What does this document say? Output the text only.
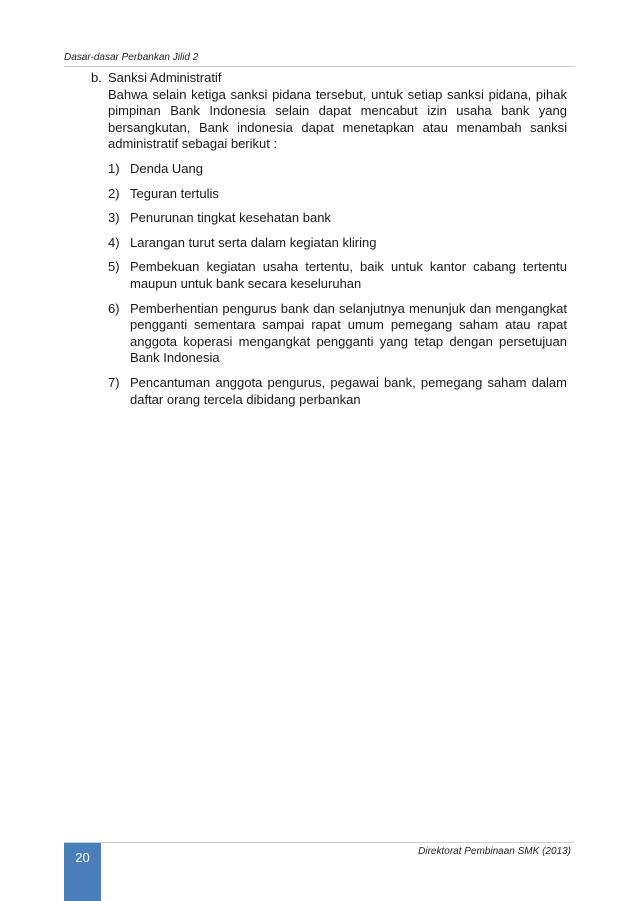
Dasar-dasar Perbankan Jilid 2
b. Sanksi Administratif
Bahwa selain ketiga sanksi pidana tersebut, untuk setiap sanksi pidana, pihak pimpinan Bank Indonesia selain dapat mencabut izin usaha bank yang bersangkutan, Bank indonesia dapat menetapkan atau menambah sanksi administratif sebagai berikut :
1) Denda Uang
2) Teguran tertulis
3) Penurunan tingkat kesehatan bank
4) Larangan turut serta dalam kegiatan kliring
5) Pembekuan kegiatan usaha tertentu, baik untuk kantor cabang tertentu maupun untuk bank secara keseluruhan
6) Pemberhentian pengurus bank dan selanjutnya menunjuk dan mengangkat pengganti sementara sampai rapat umum pemegang saham atau rapat anggota koperasi mengangkat pengganti yang tetap dengan persetujuan Bank Indonesia
7) Pencantuman anggota pengurus, pegawai bank, pemegang saham dalam daftar orang tercela dibidang perbankan
20	Direktorat Pembinaan SMK (2013)
